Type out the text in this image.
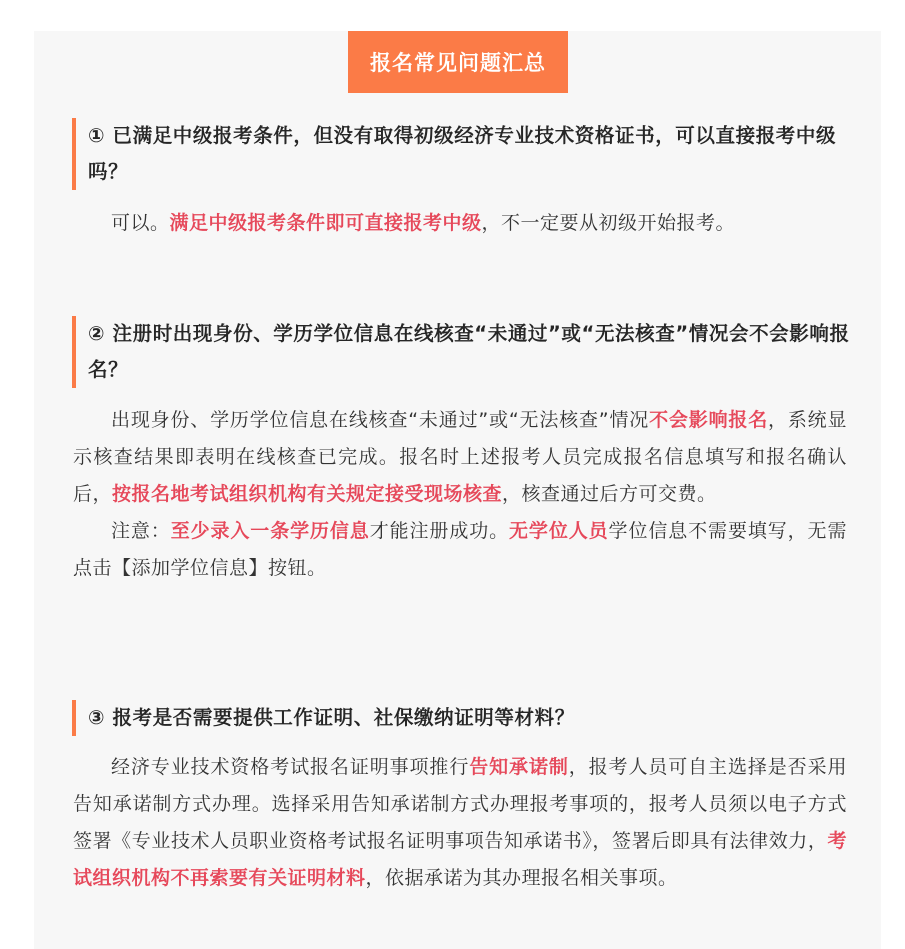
报名常见问题汇总
① 已满足中级报考条件，但没有取得初级经济专业技术资格证书，可以直接报考中级吗？

可以。满足中级报考条件即可直接报考中级，不一定要从初级开始报考。

② 注册时出现身份、学历学位信息在线核查“未通过”或“无法核查”情况会不会影响报名？

出现身份、学历学位信息在线核查“未通过”或“无法核查”情况不会影响报名，系统显示核查结果即表明在线核查已完成。报名时上述报考人员完成报名信息填写和报名确认后，按报名地考试组织机构有关规定接受现场核查，核查通过后方可交费。

注意：至少录入一条学历信息才能注册成功。无学位人员学位信息不需要填写，无需点击【添加学位信息】按钮。

③ 报考是否需要提供工作证明、社保缴纳证明等材料？

经济专业技术资格考试报名证明事项推行告知承诺制，报考人员可自主选择是否采用告知承诺制方式办理。选择采用告知承诺制方式办理报考事项的，报考人员须以电子方式签署《专业技术人员职业资格考试报名证明事项告知承诺书》，签署后即具有法律效力，考试组织机构不再索要有关证明材料，依据承诺为其办理报名相关事项。
